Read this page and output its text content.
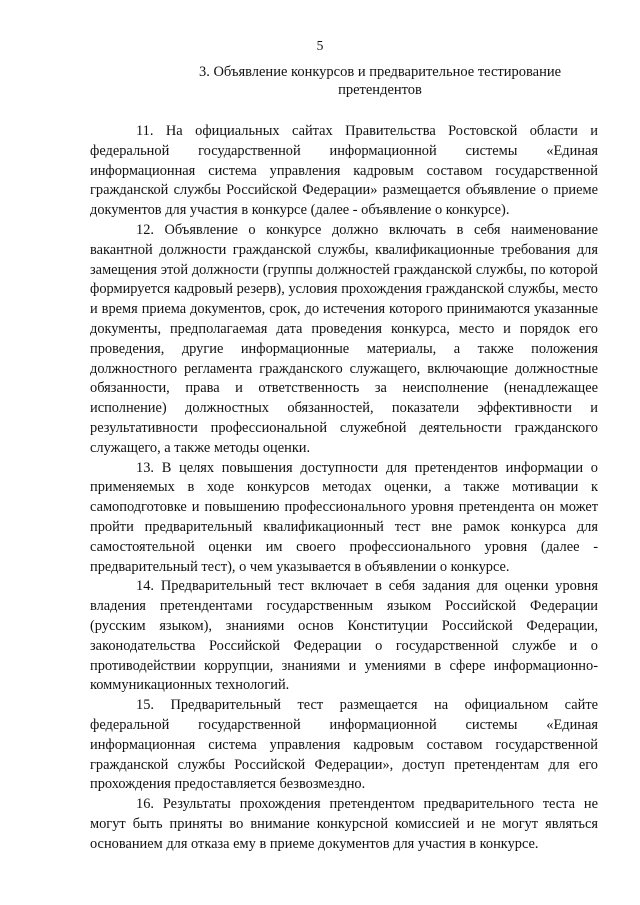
5
3. Объявление конкурсов и предварительное тестирование претендентов

11. На официальных сайтах Правительства Ростовской области и федеральной государственной информационной системы «Единая информационная система управления кадровым составом государственной гражданской службы Российской Федерации» размещается объявление о приеме документов для участия в конкурсе (далее - объявление о конкурсе).

12. Объявление о конкурсе должно включать в себя наименование вакантной должности гражданской службы, квалификационные требования для замещения этой должности (группы должностей гражданской службы, по которой формируется кадровый резерв), условия прохождения гражданской службы, место и время приема документов, срок, до истечения которого принимаются указанные документы, предполагаемая дата проведения конкурса, место и порядок его проведения, другие информационные материалы, а также положения должностного регламента гражданского служащего, включающие должностные обязанности, права и ответственность за неисполнение (ненадлежащее исполнение) должностных обязанностей, показатели эффективности и результативности профессиональной служебной деятельности гражданского служащего, а также методы оценки.

13. В целях повышения доступности для претендентов информации о применяемых в ходе конкурсов методах оценки, а также мотивации к самоподготовке и повышению профессионального уровня претендента он может пройти предварительный квалификационный тест вне рамок конкурса для самостоятельной оценки им своего профессионального уровня (далее - предварительный тест), о чем указывается в объявлении о конкурсе.

14. Предварительный тест включает в себя задания для оценки уровня владения претендентами государственным языком Российской Федерации (русским языком), знаниями основ Конституции Российской Федерации, законодательства Российской Федерации о государственной службе и о противодействии коррупции, знаниями и умениями в сфере информационно-коммуникационных технологий.

15. Предварительный тест размещается на официальном сайте федеральной государственной информационной системы «Единая информационная система управления кадровым составом государственной гражданской службы Российской Федерации», доступ претендентам для его прохождения предоставляется безвозмездно.

16. Результаты прохождения претендентом предварительного теста не могут быть приняты во внимание конкурсной комиссией и не могут являться основанием для отказа ему в приеме документов для участия в конкурсе.
